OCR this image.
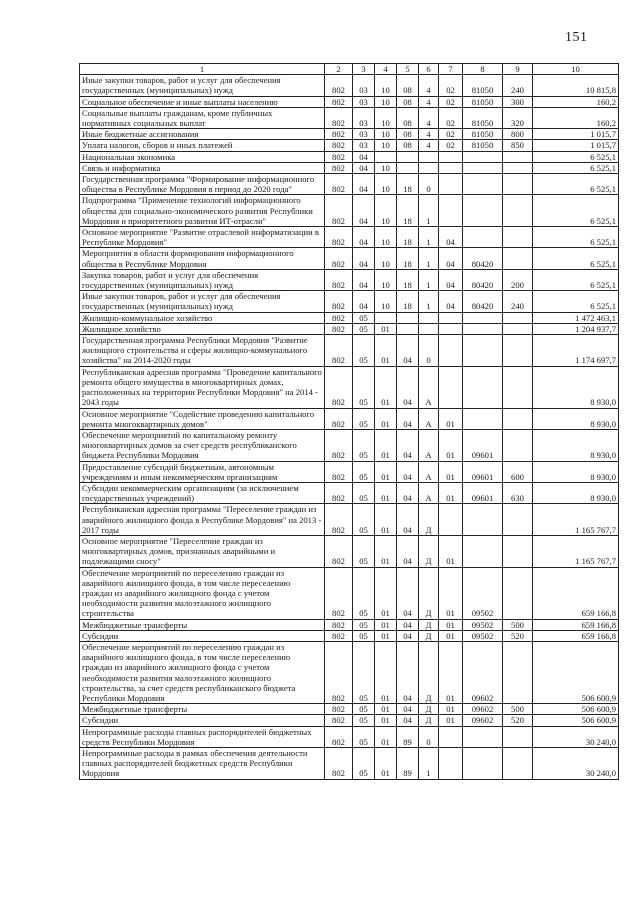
151
1	2	3	4	5	6	7	8	9	10
Иные закупки товаров, работ и услуг для обеспечения государственных (муниципальных) нужд	802	03	10	08	4	02	81050	240	10 815,8
Социальное обеспечение и иные выплаты населению	802	03	10	08	4	02	81050	300	160,2
Социальные выплаты гражданам, кроме публичных нормативных социальных выплат	802	03	10	08	4	02	81050	320	160,2
Иные бюджетные ассигнования	802	03	10	08	4	02	81050	800	1 015,7
Уплата налогов, сборов и иных платежей	802	03	10	08	4	02	81050	850	1 015,7
Национальная экономика	802	04							6 525,1
Связь и информатика	802	04	10						6 525,1
Государственная программа "Формирование информационного общества в Республике Мордовия в период до 2020 года"	802	04	10	18	0				6 525,1
Подпрограмма "Применение технологий информационного общества для социально-экономического развития Республики Мордовия и приоритетного развития ИТ-отрасли"	802	04	10	18	1				6 525,1
Основное мероприятие "Развитие отраслевой информатизации в Республике Мордовия"	802	04	10	18	1	04			6 525,1
Мероприятия в области формирования информационного общества в Республике Мордовия	802	04	10	18	1	04	80420		6 525,1
Закупка товаров, работ и услуг для обеспечения государственных (муниципальных) нужд	802	04	10	18	1	04	80420	200	6 525,1
Иные закупки товаров, работ и услуг для обеспечения государственных (муниципальных) нужд	802	04	10	18	1	04	80420	240	6 525,1
Жилищно-коммунальное хозяйство	802	05							1 472 463,1
Жилищное хозяйство	802	05	01						1 204 937,7
Государственная программа Республики Мордовия "Развитие жилищного строительства и сферы жилищно-коммунального хозяйства" на 2014-2020 годы	802	05	01	04	0				1 174 697,7
Республиканская адресная программа "Проведение капитального ремонта общего имущества в многоквартирных домах, расположенных на территории Республики Мордовия" на 2014 - 2043 годы	802	05	01	04	А				8 930,0
Основное мероприятие "Содействие проведению капитального ремонта многоквартирных домов"	802	05	01	04	А	01			8 930,0
Обеспечение мероприятий по капитальному ремонту многоквартирных домов за счет средств республиканского бюджета Республики Мордовия	802	05	01	04	А	01	09601		8 930,0
Предоставление субсидий бюджетным, автономным учреждениям и иным некоммерческим организациям	802	05	01	04	А	01	09601	600	8 930,0
Субсидии некоммерческим организациям (за исключением государственных учреждений)	802	05	01	04	А	01	09601	630	8 930,0
Республиканская адресная программа "Переселение граждан из аварийного жилищного фонда в Республике Мордовия" на 2013 - 2017 годы	802	05	01	04	Д				1 165 767,7
Основное мероприятие "Переселение граждан из многоквартирных домов, признанных аварийными и подлежащими сносу"	802	05	01	04	Д	01			1 165 767,7
Обеспечение мероприятий по переселению граждан из аварийного жилищного фонда, в том числе переселению граждан из аварийного жилищного фонда с учетом необходимости развития малоэтажного жилищного строительства	802	05	01	04	Д	01	09502		659 166,8
Межбюджетные трансферты	802	05	01	04	Д	01	09502	500	659 166,8
Субсидии	802	05	01	04	Д	01	09502	520	659 166,8
Обеспечение мероприятий по переселению граждан из аварийного жилищного фонда, в том числе переселению граждан из аварийного жилищного фонда с учетом необходимости развития малоэтажного жилищного строительства, за счет средств республиканского бюджета Республики Мордовия	802	05	01	04	Д	01	09602		506 600,9
Межбюджетные трансферты	802	05	01	04	Д	01	09602	500	506 600,9
Субсидии	802	05	01	04	Д	01	09602	520	506 600,9
Непрограммные расходы главных распорядителей бюджетных средств Республики Мордовия	802	05	01	89	0				30 240,0
Непрограммные расходы в рамках обеспечения деятельности главных распорядителей бюджетных средств Республики Мордовия	802	05	01	89	1				30 240,0
